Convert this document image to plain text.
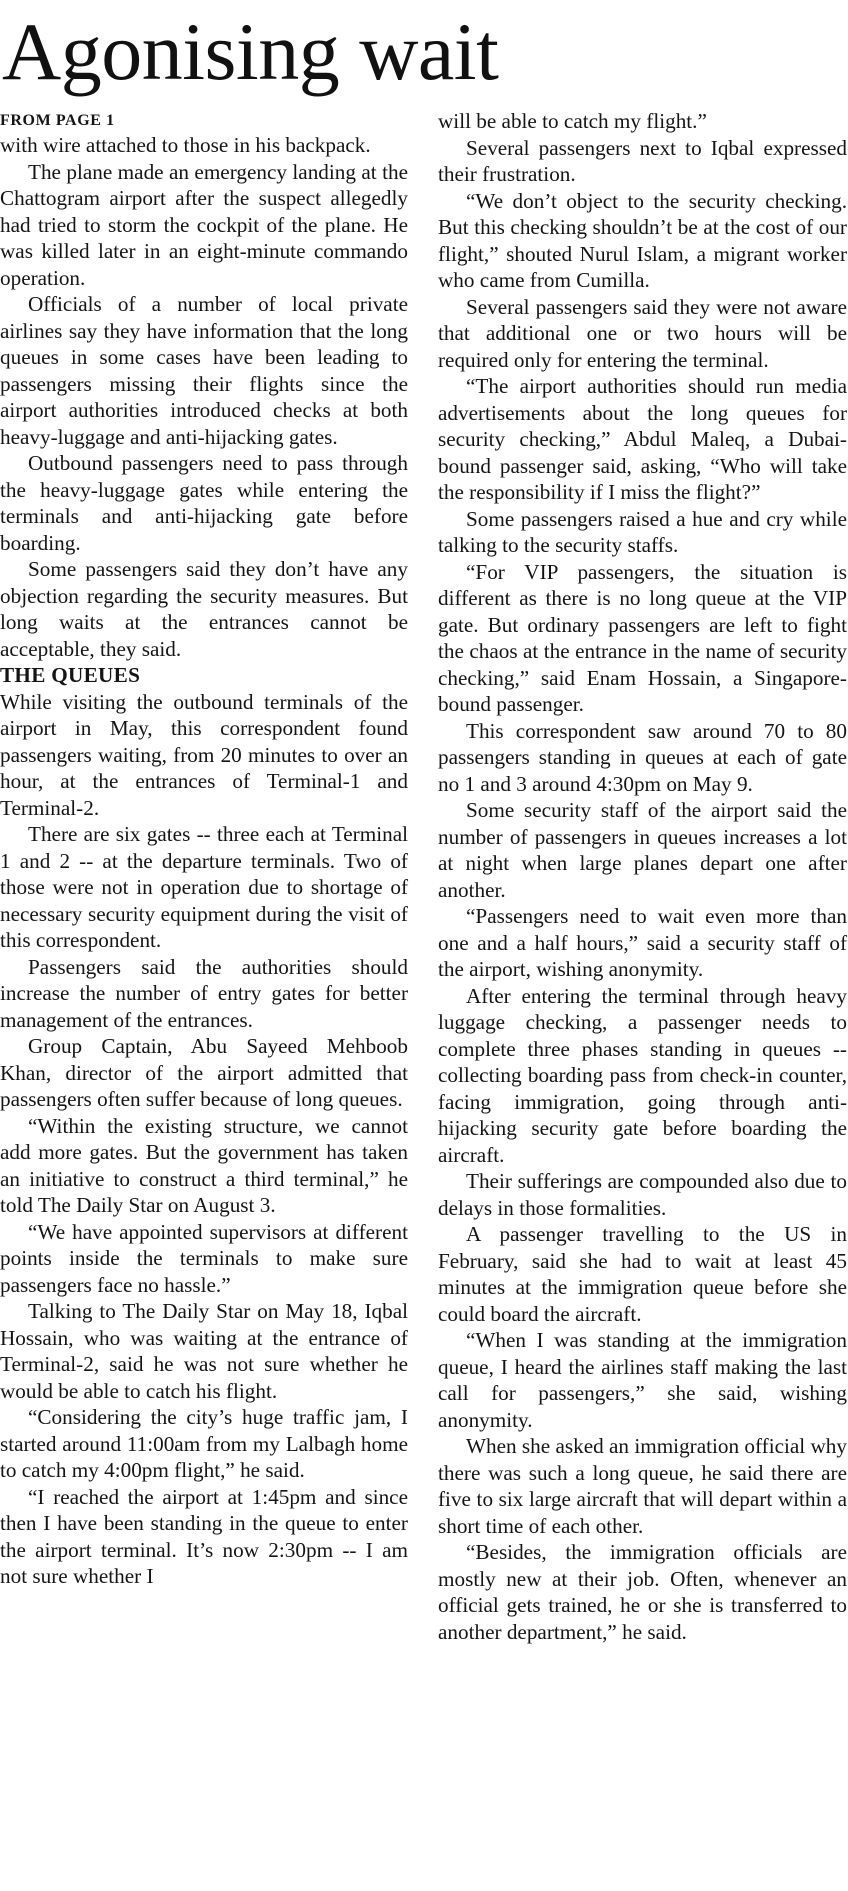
Agonising wait

FROM PAGE 1

with wire attached to those in his backpack.

The plane made an emergency landing at the Chattogram airport after the suspect allegedly had tried to storm the cockpit of the plane. He was killed later in an eight-minute commando operation.

Officials of a number of local private airlines say they have information that the long queues in some cases have been leading to passengers missing their flights since the airport authorities introduced checks at both heavy-luggage and anti-hijacking gates.

Outbound passengers need to pass through the heavy-luggage gates while entering the terminals and anti-hijacking gate before boarding.

Some passengers said they don’t have any objection regarding the security measures. But long waits at the entrances cannot be acceptable, they said.

THE QUEUES

While visiting the outbound terminals of the airport in May, this correspondent found passengers waiting, from 20 minutes to over an hour, at the entrances of Terminal-1 and Terminal-2.

There are six gates -- three each at Terminal 1 and 2 -- at the departure terminals. Two of those were not in operation due to shortage of necessary security equipment during the visit of this correspondent.

Passengers said the authorities should increase the number of entry gates for better management of the entrances.

Group Captain, Abu Sayeed Mehboob Khan, director of the airport admitted that passengers often suffer because of long queues.

“Within the existing structure, we cannot add more gates. But the government has taken an initiative to construct a third terminal,” he told The Daily Star on August 3.

“We have appointed supervisors at different points inside the terminals to make sure passengers face no hassle.”

Talking to The Daily Star on May 18, Iqbal Hossain, who was waiting at the entrance of Terminal-2, said he was not sure whether he would be able to catch his flight.

“Considering the city’s huge traffic jam, I started around 11:00am from my Lalbagh home to catch my 4:00pm flight,” he said.

“I reached the airport at 1:45pm and since then I have been standing in the queue to enter the airport terminal. It’s now 2:30pm -- I am not sure whether I

will be able to catch my flight.”

Several passengers next to Iqbal expressed their frustration.

“We don’t object to the security checking. But this checking shouldn’t be at the cost of our flight,” shouted Nurul Islam, a migrant worker who came from Cumilla.

Several passengers said they were not aware that additional one or two hours will be required only for entering the terminal.

“The airport authorities should run media advertisements about the long queues for security checking,” Abdul Maleq, a Dubai-bound passenger said, asking, “Who will take the responsibility if I miss the flight?”

Some passengers raised a hue and cry while talking to the security staffs.

“For VIP passengers, the situation is different as there is no long queue at the VIP gate. But ordinary passengers are left to fight the chaos at the entrance in the name of security checking,” said Enam Hossain, a Singapore-bound passenger.

This correspondent saw around 70 to 80 passengers standing in queues at each of gate no 1 and 3 around 4:30pm on May 9.

Some security staff of the airport said the number of passengers in queues increases a lot at night when large planes depart one after another.

“Passengers need to wait even more than one and a half hours,” said a security staff of the airport, wishing anonymity.

After entering the terminal through heavy luggage checking, a passenger needs to complete three phases standing in queues -- collecting boarding pass from check-in counter, facing immigration, going through anti-hijacking security gate before boarding the aircraft.

Their sufferings are compounded also due to delays in those formalities.

A passenger travelling to the US in February, said she had to wait at least 45 minutes at the immigration queue before she could board the aircraft.

“When I was standing at the immigration queue, I heard the airlines staff making the last call for passengers,” she said, wishing anonymity.

When she asked an immigration official why there was such a long queue, he said there are five to six large aircraft that will depart within a short time of each other.

“Besides, the immigration officials are mostly new at their job. Often, whenever an official gets trained, he or she is transferred to another department,” he said.
